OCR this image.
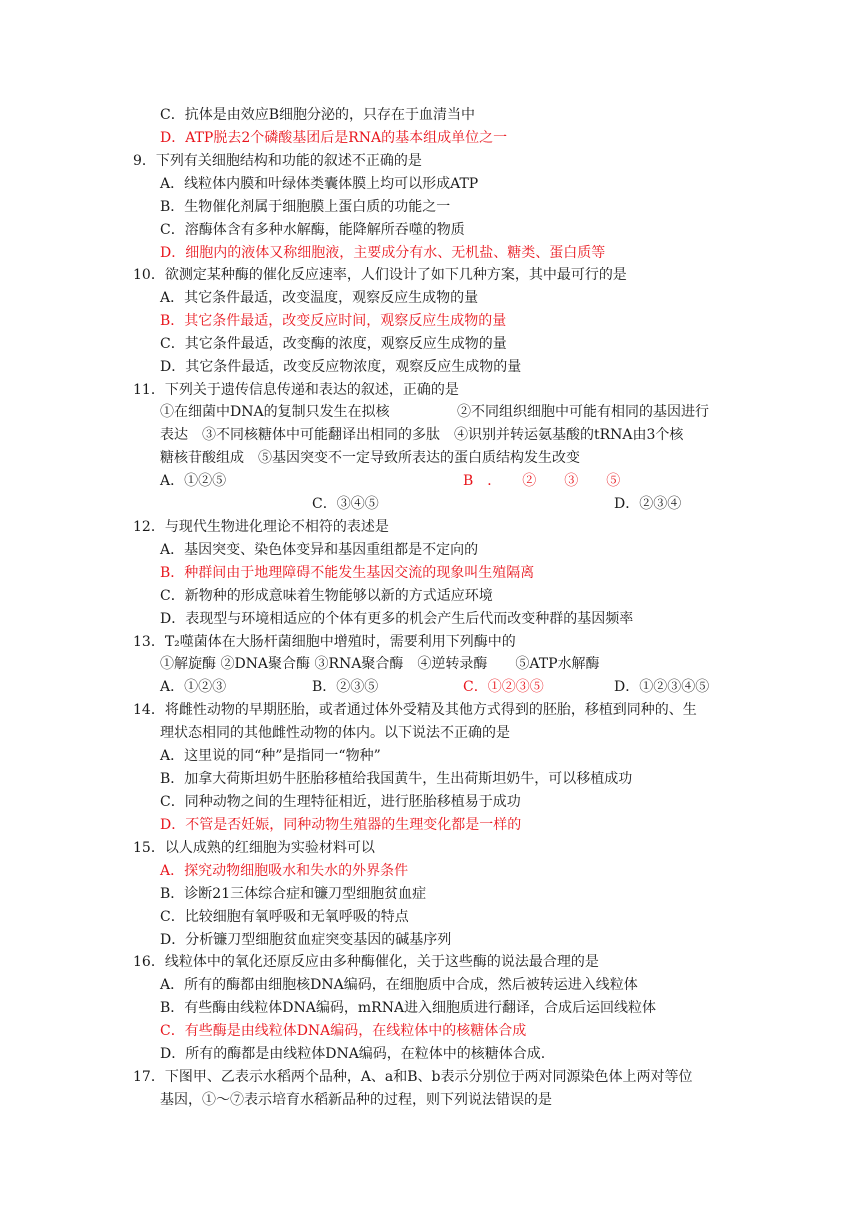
C．抗体是由效应B细胞分泌的，只存在于血清当中
D．ATP脱去2个磷酸基团后是RNA的基本组成单位之一
9．下列有关细胞结构和功能的叙述不正确的是
A．线粒体内膜和叶绿体类囊体膜上均可以形成ATP
B．生物催化剂属于细胞膜上蛋白质的功能之一
C．溶酶体含有多种水解酶，能降解所吞噬的物质
D．细胞内的液体又称细胞液，主要成分有水、无机盐、糖类、蛋白质等
10．欲测定某种酶的催化反应速率，人们设计了如下几种方案，其中最可行的是
A．其它条件最适，改变温度，观察反应生成物的量
B．其它条件最适，改变反应时间，观察反应生成物的量
C．其它条件最适，改变酶的浓度，观察反应生成物的量
D．其它条件最适，改变反应物浓度，观察反应生成物的量
11．下列关于遗传信息传递和表达的叙述，正确的是
①在细菌中DNA的复制只发生在拟核	②不同组织细胞中可能有相同的基因进行
表达　③不同核糖体中可能翻译出相同的多肽　④识别并转运氨基酸的tRNA由3个核
糖核苷酸组成　⑤基因突变不一定导致所表达的蛋白质结构发生改变
A．①②⑤	B　．　　②　　③　　⑤
C．③④⑤	D．②③④
12．与现代生物进化理论不相符的表述是
A．基因突变、染色体变异和基因重组都是不定向的
B．种群间由于地理障碍不能发生基因交流的现象叫生殖隔离
C．新物种的形成意味着生物能够以新的方式适应环境
D．表现型与环境相适应的个体有更多的机会产生后代而改变种群的基因频率
13．T₂噬菌体在大肠杆菌细胞中增殖时，需要利用下列酶中的
①解旋酶 ②DNA聚合酶 ③RNA聚合酶　④逆转录酶　　⑤ATP水解酶
A．①②③	B．②③⑤	C．①②③⑤	D．①②③④⑤
14．将雌性动物的早期胚胎，或者通过体外受精及其他方式得到的胚胎，移植到同种的、生
理状态相同的其他雌性动物的体内。以下说法不正确的是
A．这里说的同“种”是指同一“物种”
B．加拿大荷斯坦奶牛胚胎移植给我国黄牛，生出荷斯坦奶牛，可以移植成功
C．同种动物之间的生理特征相近，进行胚胎移植易于成功
D．不管是否妊娠，同种动物生殖器的生理变化都是一样的
15．以人成熟的红细胞为实验材料可以
A．探究动物细胞吸水和失水的外界条件
B．诊断21三体综合症和镰刀型细胞贫血症
C．比较细胞有氧呼吸和无氧呼吸的特点
D．分析镰刀型细胞贫血症突变基因的碱基序列
16．线粒体中的氧化还原反应由多种酶催化，关于这些酶的说法最合理的是
A．所有的酶都由细胞核DNA编码，在细胞质中合成，然后被转运进入线粒体
B．有些酶由线粒体DNA编码，mRNA进入细胞质进行翻译，合成后运回线粒体
C．有些酶是由线粒体DNA编码，在线粒体中的核糖体合成
D．所有的酶都是由线粒体DNA编码，在粒体中的核糖体合成.
17．下图甲、乙表示水稻两个品种，A、a和B、b表示分别位于两对同源染色体上两对等位
基因，①～⑦表示培育水稻新品种的过程，则下列说法错误的是
